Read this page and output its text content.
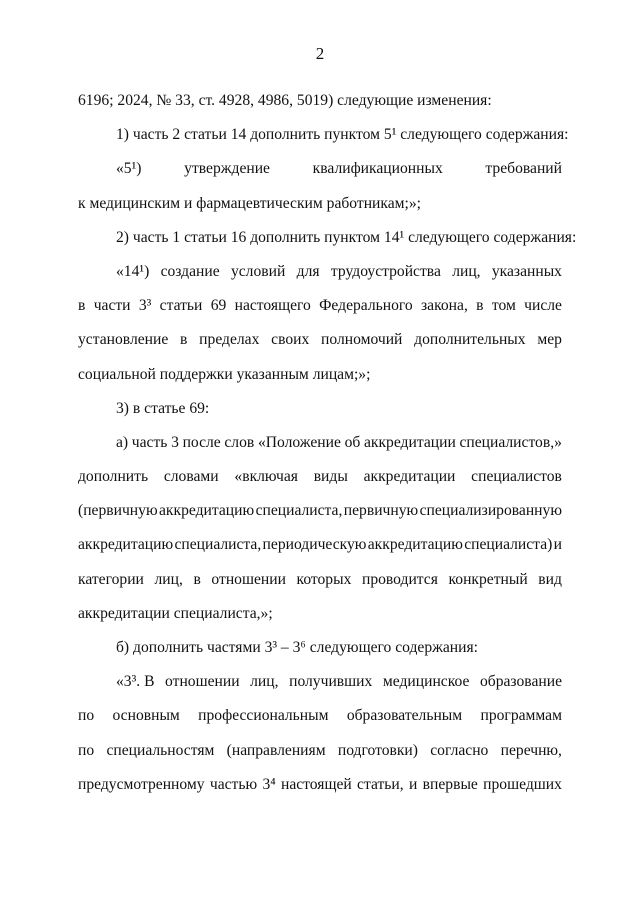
2
6196; 2024, № 33, ст. 4928, 4986, 5019) следующие изменения:
1) часть 2 статьи 14 дополнить пунктом 5¹ следующего содержания:
«5¹)	утверждение	квалификационных	требований
к медицинским и фармацевтическим работникам;»;
2) часть 1 статьи 16 дополнить пунктом 14¹ следующего содержания:
«14¹) создание условий для трудоустройства лиц, указанных
в части 3³ статьи 69 настоящего Федерального закона, в том числе
установление в пределах своих полномочий дополнительных мер
социальной поддержки указанным лицам;»;
3) в статье 69:
а) часть 3 после слов «Положение об аккредитации специалистов,»
дополнить словами «включая виды аккредитации специалистов
(первичную аккредитацию специалиста, первичную специализированную
аккредитацию специалиста, периодическую аккредитацию специалиста) и
категории лиц, в отношении которых проводится конкретный вид
аккредитации специалиста,»;
б) дополнить частями 3³ – 3⁶ следующего содержания:
«3³. В отношении лиц, получивших медицинское образование
по основным профессиональным образовательным программам
по специальностям (направлениям подготовки) согласно перечню,
предусмотренному частью 3⁴ настоящей статьи, и впервые прошедших
